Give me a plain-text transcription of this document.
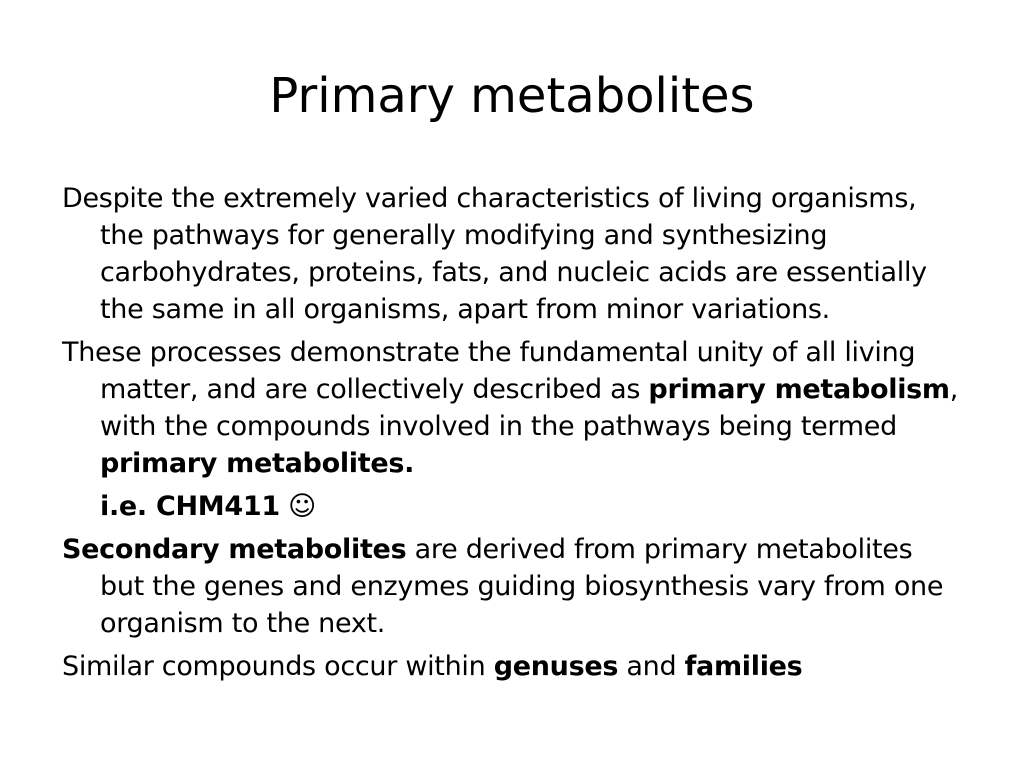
Primary metabolites

Despite the extremely varied characteristics of living organisms, the pathways for generally modifying and synthesizing carbohydrates, proteins, fats, and nucleic acids are essentially the same in all organisms, apart from minor variations.

These processes demonstrate the fundamental unity of all living matter, and are collectively described as primary metabolism, with the compounds involved in the pathways being termed primary metabolites.

i.e. CHM411 ☺

Secondary metabolites are derived from primary metabolites but the genes and enzymes guiding biosynthesis vary from one organism to the next.

Similar compounds occur within genuses and families
